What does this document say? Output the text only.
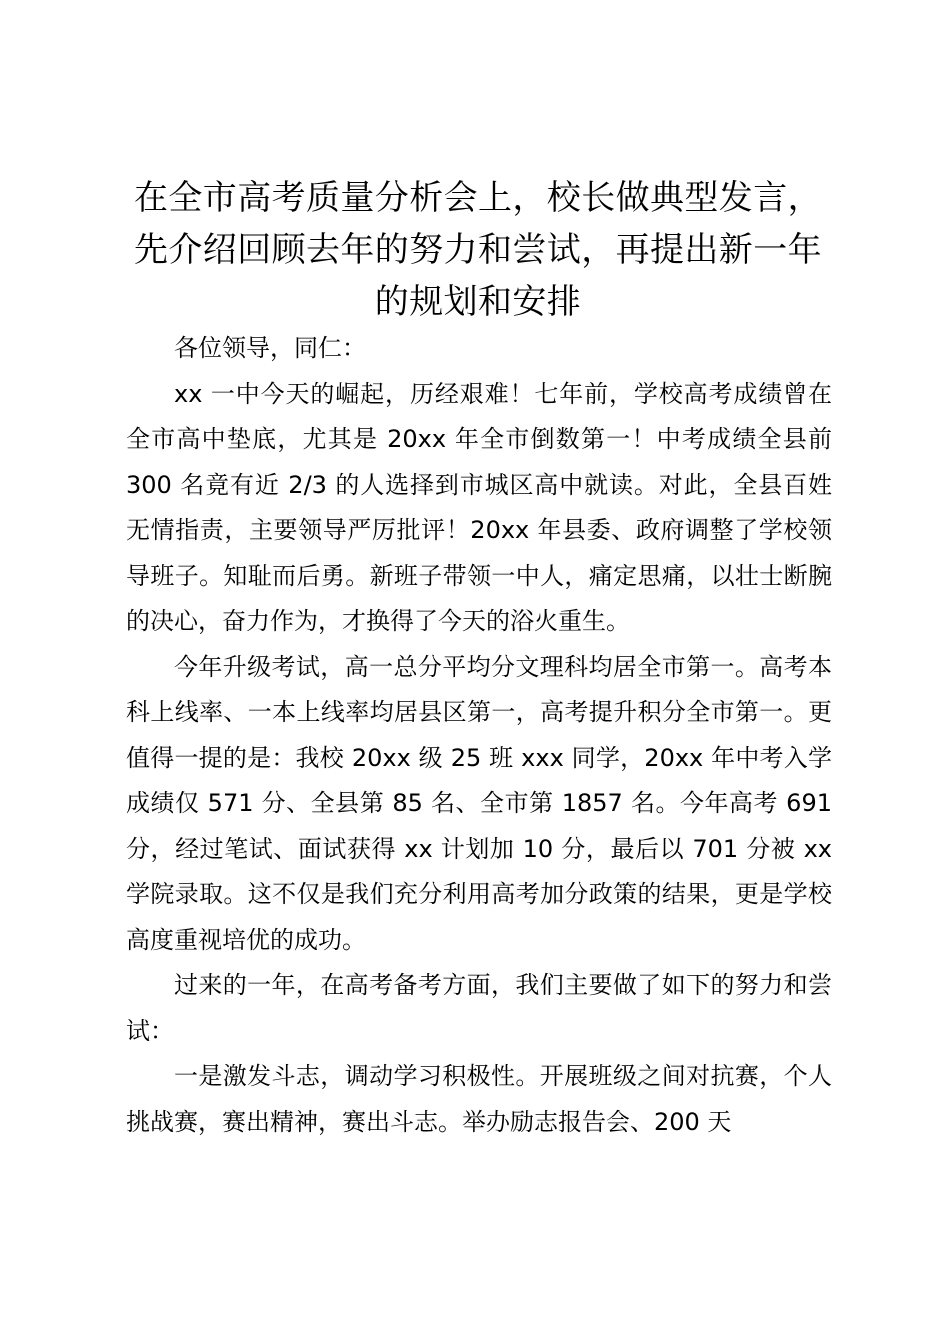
在全市高考质量分析会上，校长做典型发言，先介绍回顾去年的努力和尝试，再提出新一年的规划和安排

各位领导，同仁：

xx 一中今天的崛起，历经艰难！七年前，学校高考成绩曾在全市高中垫底，尤其是 20xx 年全市倒数第一！中考成绩全县前 300 名竟有近 2/3 的人选择到市城区高中就读。对此，全县百姓无情指责，主要领导严厉批评！20xx 年县委、政府调整了学校领导班子。知耻而后勇。新班子带领一中人，痛定思痛，以壮士断腕的决心，奋力作为，才换得了今天的浴火重生。

今年升级考试，高一总分平均分文理科均居全市第一。高考本科上线率、一本上线率均居县区第一，高考提升积分全市第一。更值得一提的是：我校 20xx 级 25 班 xxx 同学，20xx 年中考入学成绩仅 571 分、全县第 85 名、全市第 1857 名。今年高考 691 分，经过笔试、面试获得 xx 计划加 10 分，最后以 701 分被 xx 学院录取。这不仅是我们充分利用高考加分政策的结果，更是学校高度重视培优的成功。

过来的一年，在高考备考方面，我们主要做了如下的努力和尝试：

一是激发斗志，调动学习积极性。开展班级之间对抗赛，个人挑战赛，赛出精神，赛出斗志。举办励志报告会、200 天
